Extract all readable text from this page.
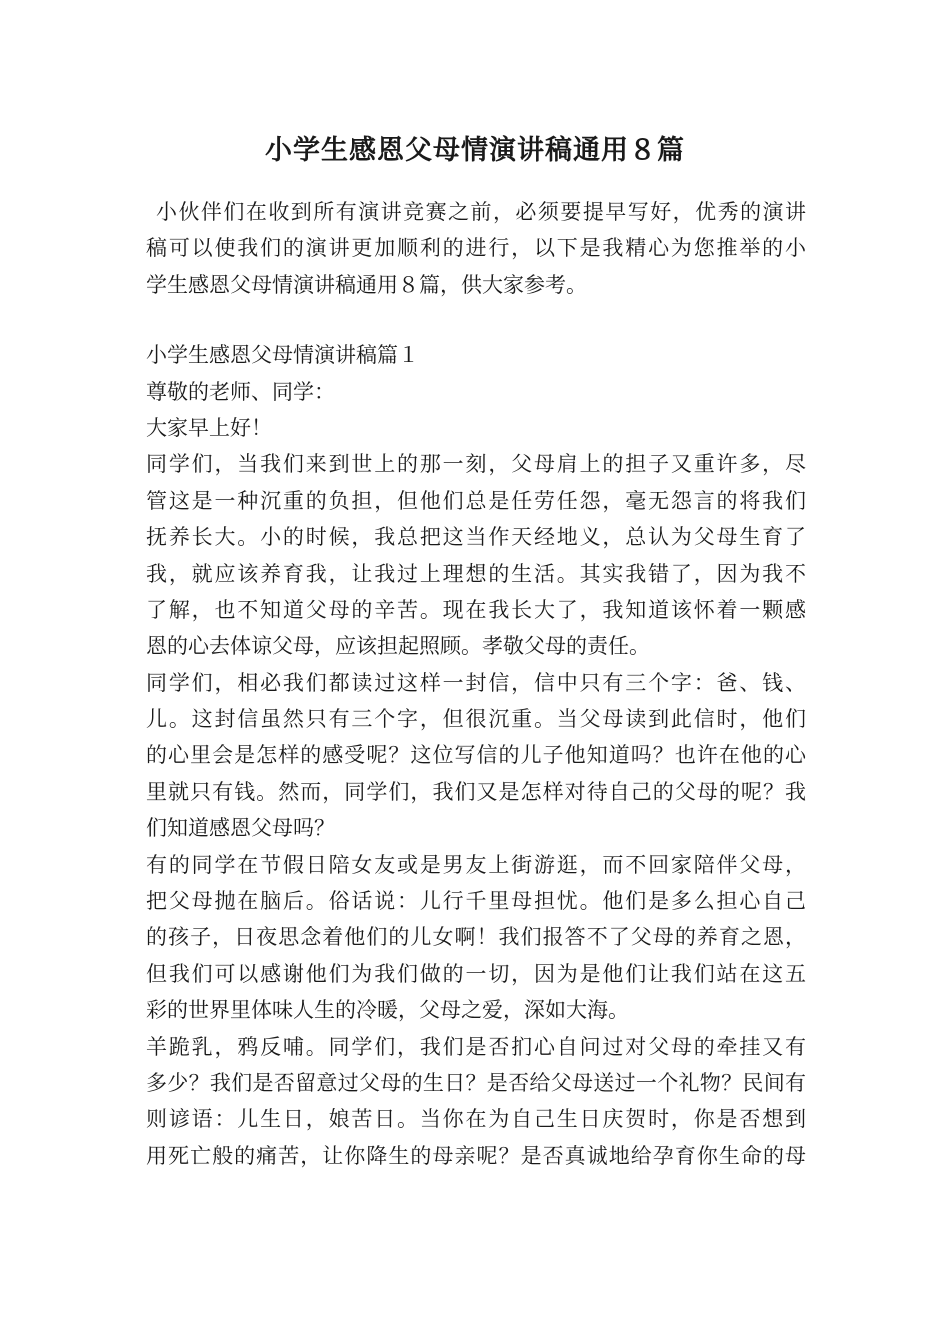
小学生感恩父母情演讲稿通用８篇
小伙伴们在收到所有演讲竞赛之前，必须要提早写好，优秀的演讲
稿可以使我们的演讲更加顺利的进行，以下是我精心为您推举的小
学生感恩父母情演讲稿通用８篇，供大家参考。
小学生感恩父母情演讲稿篇１
尊敬的老师、同学：
大家早上好！
同学们，当我们来到世上的那一刻，父母肩上的担子又重许多，尽
管这是一种沉重的负担，但他们总是任劳任怨，毫无怨言的将我们
抚养长大。小的时候，我总把这当作天经地义，总认为父母生育了
我，就应该养育我，让我过上理想的生活。其实我错了，因为我不
了解，也不知道父母的辛苦。现在我长大了，我知道该怀着一颗感
恩的心去体谅父母，应该担起照顾。孝敬父母的责任。
同学们，相必我们都读过这样一封信，信中只有三个字：爸、钱、
儿。这封信虽然只有三个字，但很沉重。当父母读到此信时，他们
的心里会是怎样的感受呢？这位写信的儿子他知道吗？也许在他的心
里就只有钱。然而，同学们，我们又是怎样对待自己的父母的呢？我
们知道感恩父母吗？
有的同学在节假日陪女友或是男友上街游逛，而不回家陪伴父母，
把父母抛在脑后。俗话说：儿行千里母担忧。他们是多么担心自己
的孩子，日夜思念着他们的儿女啊！我们报答不了父母的养育之恩，
但我们可以感谢他们为我们做的一切，因为是他们让我们站在这五
彩的世界里体味人生的冷暖，父母之爱，深如大海。
羊跪乳，鸦反哺。同学们，我们是否扪心自问过对父母的牵挂又有
多少？我们是否留意过父母的生日？是否给父母送过一个礼物？民间有
则谚语：儿生日，娘苦日。当你在为自己生日庆贺时，你是否想到
用死亡般的痛苦，让你降生的母亲呢？是否真诚地给孕育你生命的母
